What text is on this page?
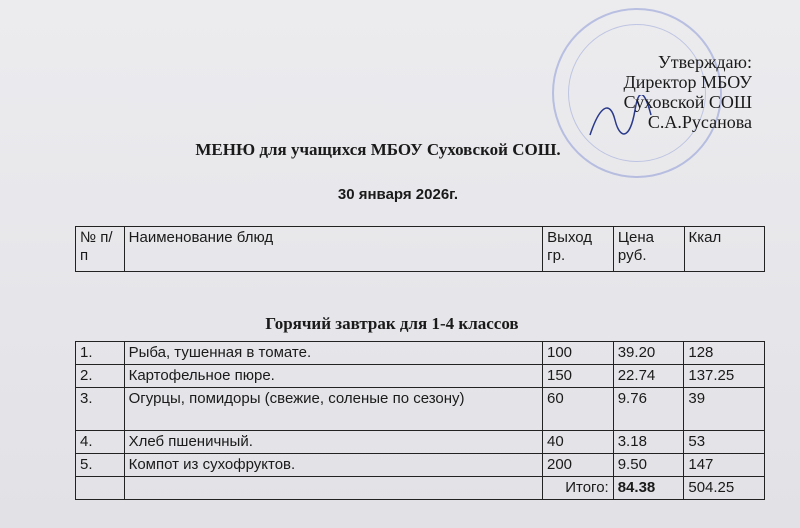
Утверждаю:
Директор МБОУ
Суховской СОШ
С.А.Русанова
МЕНЮ для учащихся МБОУ Суховской СОШ.
30 января 2026г.
№ п/п	Наименование блюд	Выход гр.	Цена руб.	Ккал
Горячий завтрак для 1-4 классов
1.	Рыба, тушенная в томате.	100	39.20	128
2.	Картофельное пюре.	150	22.74	137.25
3.	Огурцы, помидоры (свежие, соленые по сезону)	60	9.76	39
4.	Хлеб пшеничный.	40	3.18	53
5.	Компот из сухофруктов.	200	9.50	147
		Итого:	84.38	504.25
